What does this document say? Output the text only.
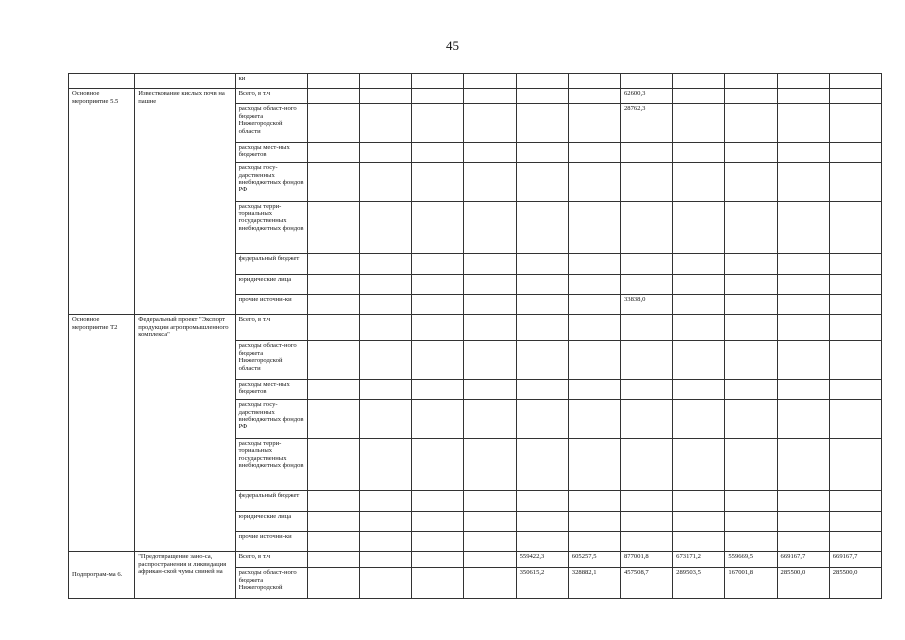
45
		ки											
Основное мероприятие 5.5	Известкование кислых почв на пашне	Всего, в т.ч							62600,3				
		расходы област-ного бюджета Нижегородской области							28762,3				
		расходы мест-ных бюджетов											
		расходы госу-дарственных внебюджетных фондов РФ											
		расходы терри-ториальных государственных внебюджетных фондов											
		федеральный бюджет											
		юридические лица											
		прочие источни-ки							33838,0				
Основное мероприятие Т2	Федеральный проект "Экспорт продукции агропромышленного комплекса"	Всего, в т.ч											
		расходы област-ного бюджета Нижегородской области											
		расходы мест-ных бюджетов											
		расходы госу-дарственных внебюджетных фондов РФ											
		расходы терри-ториальных государственных внебюджетных фондов											
		федеральный бюджет											
		юридические лица											
		прочие источни-ки											
Подпрограм-ма 6.	"Предотвращение зано-са, распространения и ликвидация африкан-ской чумы свиней на	Всего, в т.ч					559422,3	605257,5	877001,8	673171,2	559669,5	669167,7	669167,7
		расходы област-ного бюджета Нижегородской					350615,2	328882,1	457508,7	289503,5	167001,8	285500,0	285500,0
